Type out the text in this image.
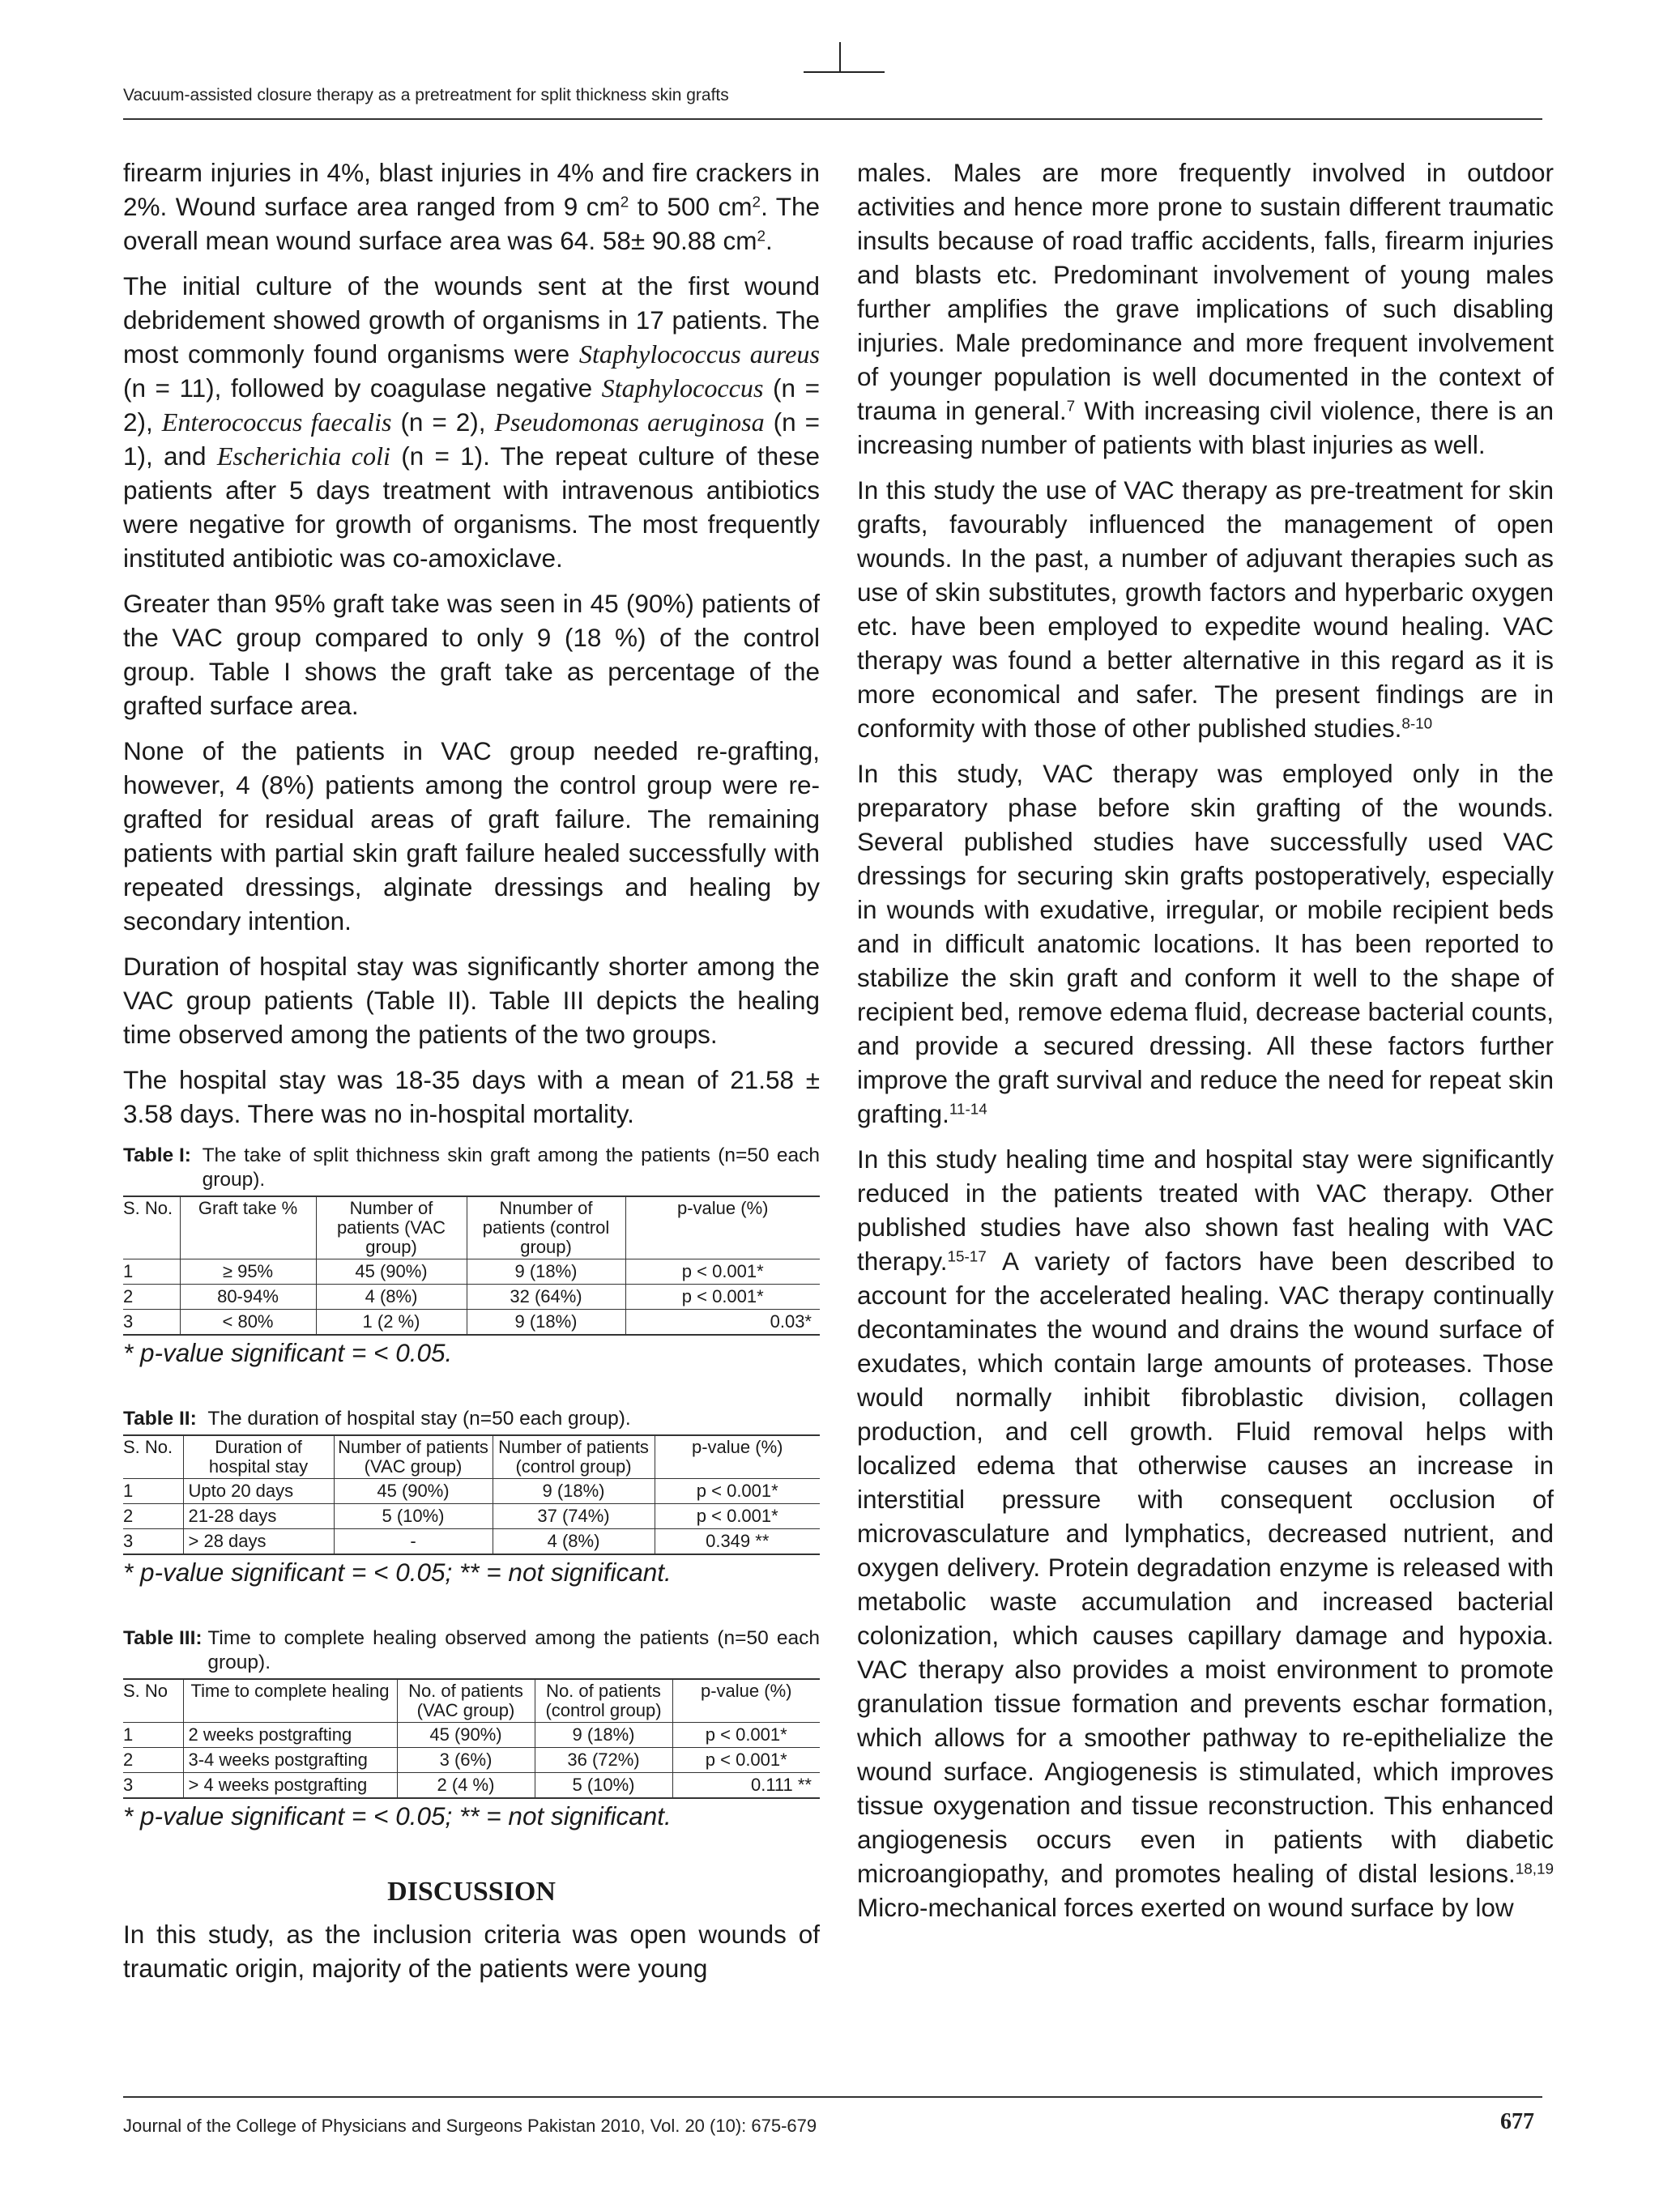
Vacuum-assisted closure therapy as a pretreatment for split thickness skin grafts

firearm injuries in 4%, blast injuries in 4% and fire crackers in 2%. Wound surface area ranged from 9 $cm^2$ to 500 $cm^2$. The overall mean wound surface area was 64. 58± 90.88 $cm^2$.

The initial culture of the wounds sent at the first wound debridement showed growth of organisms in 17 patients. The most commonly found organisms were Staphylococcus aureus (n = 11), followed by coagulase negative Staphylococcus (n = 2), Enterococcus faecalis (n = 2), Pseudomonas aeruginosa (n = 1), and Escherichia coli (n = 1). The repeat culture of these patients after 5 days treatment with intravenous antibiotics were negative for growth of organisms. The most frequently instituted antibiotic was co-amoxiclave.

Greater than 95% graft take was seen in 45 (90%) patients of the VAC group compared to only 9 (18 %) of the control group. Table I shows the graft take as percentage of the grafted surface area.

None of the patients in VAC group needed re-grafting, however, 4 (8%) patients among the control group were re-grafted for residual areas of graft failure. The remaining patients with partial skin graft failure healed successfully with repeated dressings, alginate dressings and healing by secondary intention.

Duration of hospital stay was significantly shorter among the VAC group patients (Table II). Table III depicts the healing time observed among the patients of the two groups.

The hospital stay was 18-35 days with a mean of 21.58 ± 3.58 days. There was no in-hospital mortality.

Table I: The take of split thichness skin graft among the patients (n=50 each group).
S. No.	Graft take %	Number of patients (VAC group)	Nnumber of patients (control group)	p-value (%)
1	≥ 95%	45 (90%)	9 (18%)	p < 0.001*
2	80-94%	4 (8%)	32 (64%)	p < 0.001*
3	< 80%	1 (2 %)	9 (18%)	0.03*

* p-value significant = < 0.05.

Table II: The duration of hospital stay (n=50 each group).
S. No.	Duration of hospital stay	Number of patients (VAC group)	Number of patients (control group)	p-value (%)
1	Upto 20 days	45 (90%)	9 (18%)	p < 0.001*
2	21-28 days	5 (10%)	37 (74%)	p < 0.001*
3	> 28 days	-	4 (8%)	0.349 **

* p-value significant = < 0.05; ** = not significant.

Table III: Time to complete healing observed among the patients (n=50 each group).
S. No	Time to complete healing	No. of patients (VAC group)	No. of patients (control group)	p-value (%)
1	2 weeks postgrafting	45 (90%)	9 (18%)	p < 0.001*
2	3-4 weeks postgrafting	3 (6%)	36 (72%)	p < 0.001*
3	> 4 weeks postgrafting	2 (4 %)	5 (10%)	0.111 **

* p-value significant = < 0.05; ** = not significant.

DISCUSSION

In this study, as the inclusion criteria was open wounds of traumatic origin, majority of the patients were young

males. Males are more frequently involved in outdoor activities and hence more prone to sustain different traumatic insults because of road traffic accidents, falls, firearm injuries and blasts etc. Predominant involvement of young males further amplifies the grave implications of such disabling injuries. Male predominance and more frequent involvement of younger population is well documented in the context of trauma in general.$^7$ With increasing civil violence, there is an increasing number of patients with blast injuries as well.

In this study the use of VAC therapy as pre-treatment for skin grafts, favourably influenced the management of open wounds. In the past, a number of adjuvant therapies such as use of skin substitutes, growth factors and hyperbaric oxygen etc. have been employed to expedite wound healing. VAC therapy was found a better alternative in this regard as it is more economical and safer. The present findings are in conformity with those of other published studies.$^{8-10}$

In this study, VAC therapy was employed only in the preparatory phase before skin grafting of the wounds. Several published studies have successfully used VAC dressings for securing skin grafts postoperatively, especially in wounds with exudative, irregular, or mobile recipient beds and in difficult anatomic locations. It has been reported to stabilize the skin graft and conform it well to the shape of recipient bed, remove edema fluid, decrease bacterial counts, and provide a secured dressing. All these factors further improve the graft survival and reduce the need for repeat skin grafting.$^{11-14}$

In this study healing time and hospital stay were significantly reduced in the patients treated with VAC therapy. Other published studies have also shown fast healing with VAC therapy.$^{15-17}$ A variety of factors have been described to account for the accelerated healing. VAC therapy continually decontaminates the wound and drains the wound surface of exudates, which contain large amounts of proteases. Those would normally inhibit fibroblastic division, collagen production, and cell growth. Fluid removal helps with localized edema that otherwise causes an increase in interstitial pressure with consequent occlusion of microvasculature and lymphatics, decreased nutrient, and oxygen delivery. Protein degradation enzyme is released with metabolic waste accumulation and increased bacterial colonization, which causes capillary damage and hypoxia. VAC therapy also provides a moist environment to promote granulation tissue formation and prevents eschar formation, which allows for a smoother pathway to re-epithelialize the wound surface. Angiogenesis is stimulated, which improves tissue oxygenation and tissue reconstruction. This enhanced angiogenesis occurs even in patients with diabetic microangiopathy, and promotes healing of distal lesions.$^{18,19}$ Micro-mechanical forces exerted on wound surface by low

Journal of the College of Physicians and Surgeons Pakistan 2010, Vol. 20 (10): 675-679	677
